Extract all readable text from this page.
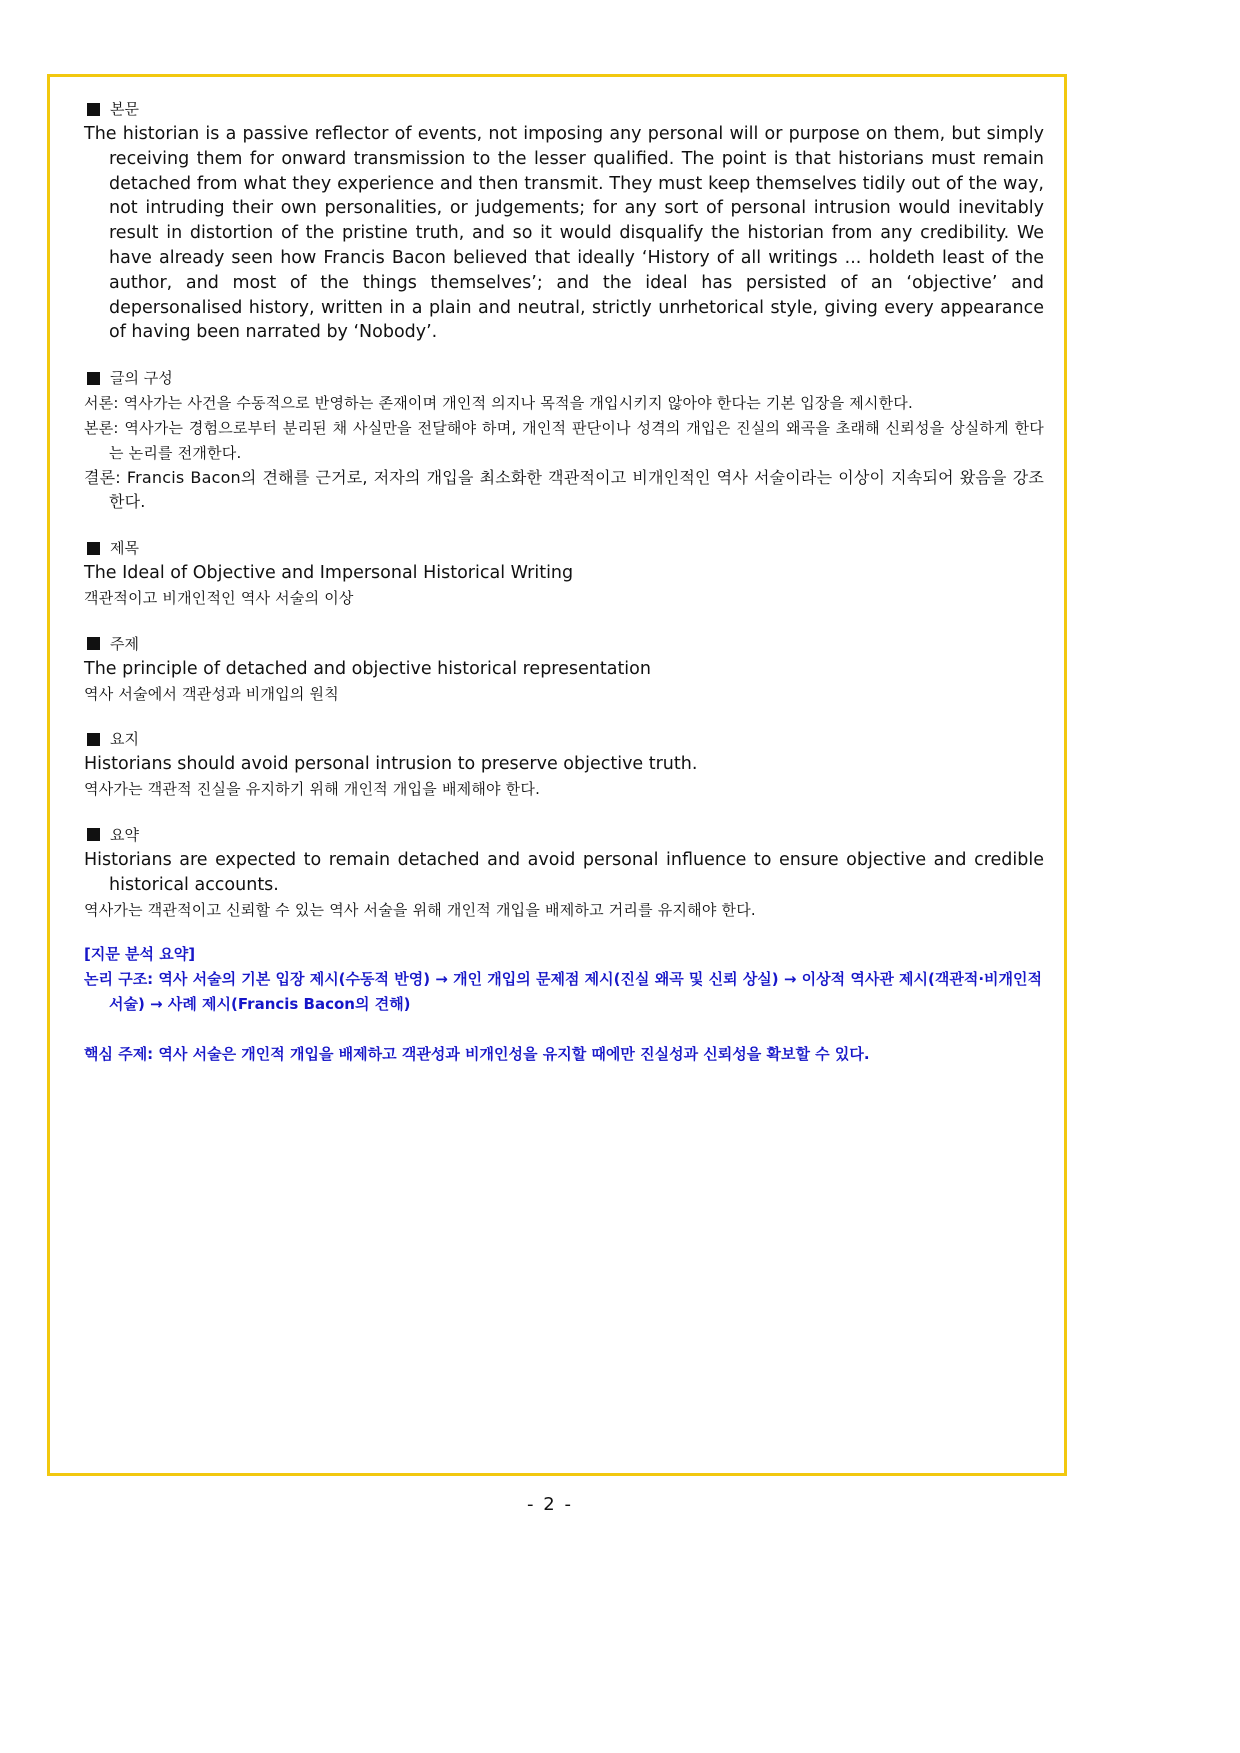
본문
The historian is a passive reflector of events, not imposing any personal will or purpose on them, but simply receiving them for onward transmission to the lesser qualified. The point is that historians must remain detached from what they experience and then transmit. They must keep themselves tidily out of the way, not intruding their own personalities, or judgements; for any sort of personal intrusion would inevitably result in distortion of the pristine truth, and so it would disqualify the historian from any credibility. We have already seen how Francis Bacon believed that ideally ‘History of all writings ... holdeth least of the author, and most of the things themselves’; and the ideal has persisted of an ‘objective’ and depersonalised history, written in a plain and neutral, strictly unrhetorical style, giving every appearance of having been narrated by ‘Nobody’.
글의 구성
서론: 역사가는 사건을 수동적으로 반영하는 존재이며 개인적 의지나 목적을 개입시키지 않아야 한다는 기본 입장을 제시한다.
본론: 역사가는 경험으로부터 분리된 채 사실만을 전달해야 하며, 개인적 판단이나 성격의 개입은 진실의 왜곡을 초래해 신뢰성을 상실하게 한다는 논리를 전개한다.
결론: Francis Bacon의 견해를 근거로, 저자의 개입을 최소화한 객관적이고 비개인적인 역사 서술이라는 이상이 지속되어 왔음을 강조한다.
제목
The Ideal of Objective and Impersonal Historical Writing
객관적이고 비개인적인 역사 서술의 이상
주제
The principle of detached and objective historical representation
역사 서술에서 객관성과 비개입의 원칙
요지
Historians should avoid personal intrusion to preserve objective truth.
역사가는 객관적 진실을 유지하기 위해 개인적 개입을 배제해야 한다.
요약
Historians are expected to remain detached and avoid personal influence to ensure objective and credible historical accounts.
역사가는 객관적이고 신뢰할 수 있는 역사 서술을 위해 개인적 개입을 배제하고 거리를 유지해야 한다.
[지문 분석 요약]
논리 구조: 역사 서술의 기본 입장 제시(수동적 반영) → 개인 개입의 문제점 제시(진실 왜곡 및 신뢰 상실) → 이상적 역사관 제시(객관적·비개인적 서술) → 사례 제시(Francis Bacon의 견해)
핵심 주제: 역사 서술은 개인적 개입을 배제하고 객관성과 비개인성을 유지할 때에만 진실성과 신뢰성을 확보할 수 있다.
- 2 -
